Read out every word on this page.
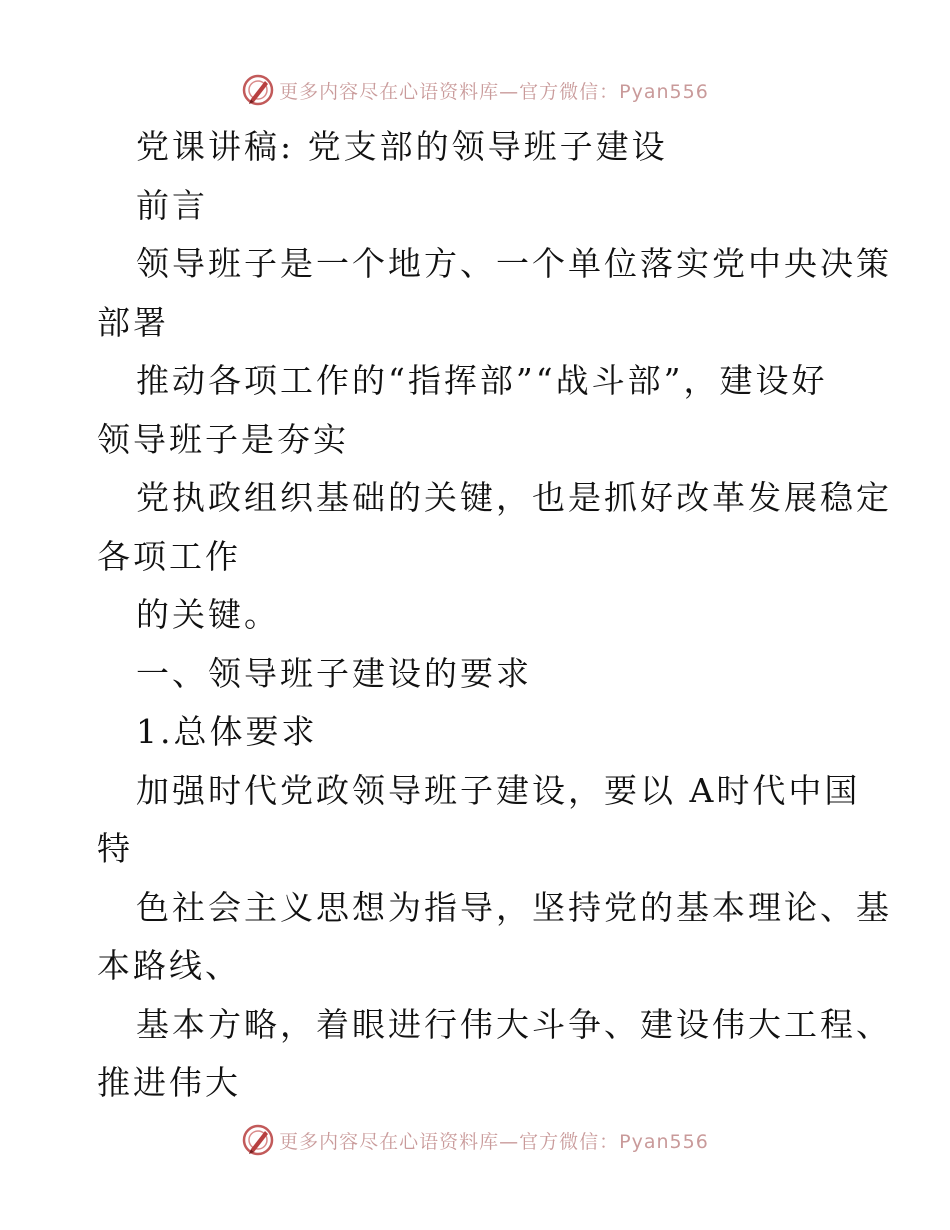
更多内容尽在心语资料库—官方微信：Pyan556

党课讲稿: 党支部的领导班子建设

前言

领导班子是一个地方、一个单位落实党中央决策

部署

推动各项工作的“指挥部”“战斗部”，建设好

领导班子是夯实

党执政组织基础的关键，也是抓好改革发展稳定

各项工作

的关键。

一、领导班子建设的要求

1.总体要求

加强时代党政领导班子建设，要以 A时代中国

特

色社会主义思想为指导，坚持党的基本理论、基

本路线、

基本方略，着眼进行伟大斗争、建设伟大工程、

推进伟大

更多内容尽在心语资料库—官方微信：Pyan556
